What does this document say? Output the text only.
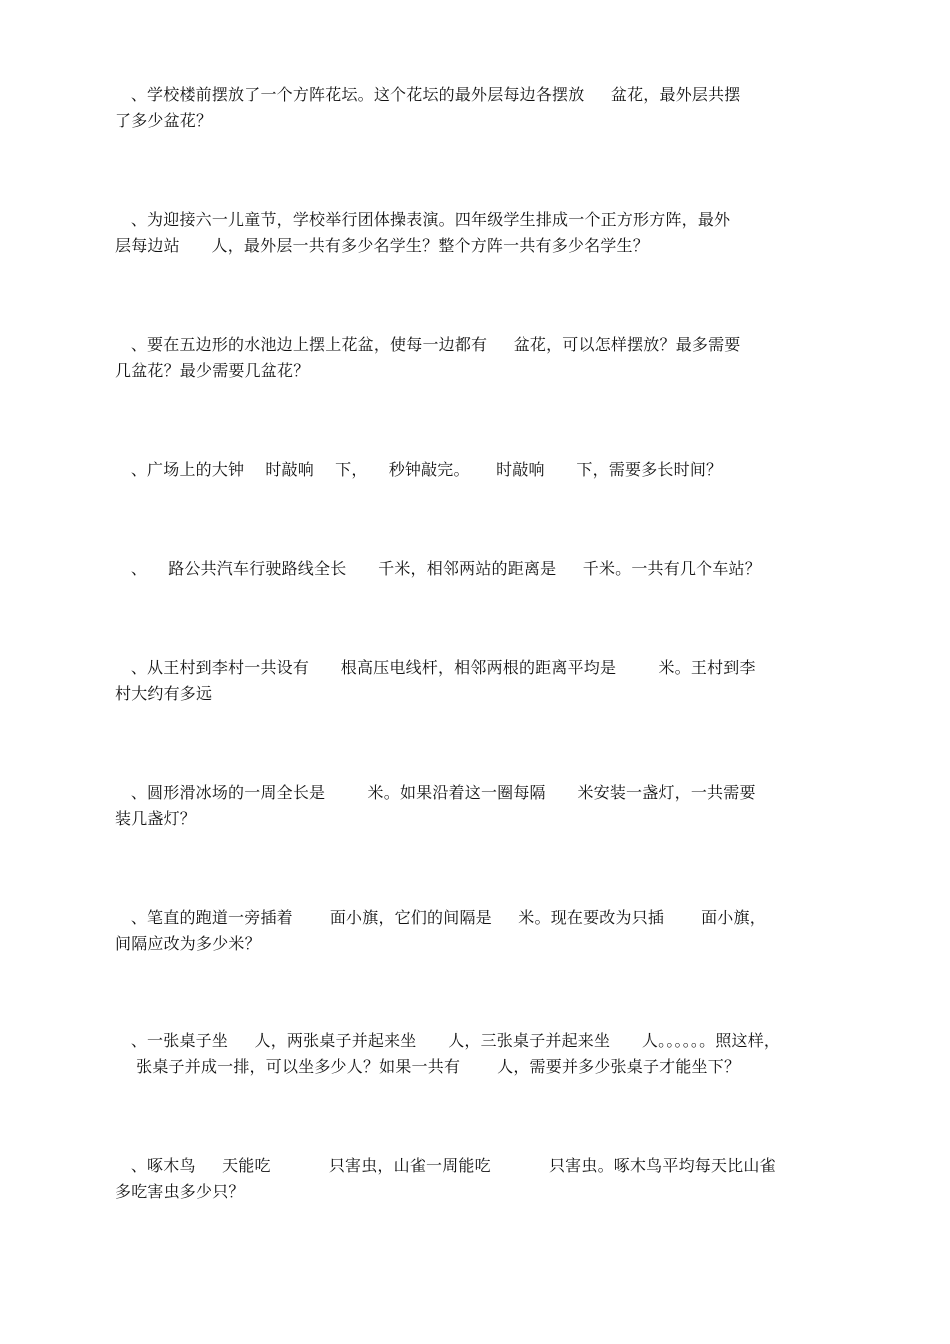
、学校楼前摆放了一个方阵花坛。这个花坛的最外层每边各摆放     盆花，最外层共摆
了多少盆花？

、为迎接六一儿童节，学校举行团体操表演。四年级学生排成一个正方形方阵，最外
层每边站      人，最外层一共有多少名学生？整个方阵一共有多少名学生？

、要在五边形的水池边上摆上花盆，使每一边都有     盆花，可以怎样摆放？最多需要
几盆花？最少需要几盆花？

、广场上的大钟    时敲响    下，    秒钟敲完。     时敲响      下，需要多长时间？

、    路公共汽车行驶路线全长      千米，相邻两站的距离是     千米。一共有几个车站？

、从王村到李村一共设有      根高压电线杆，相邻两根的距离平均是        米。王村到李
村大约有多远

、圆形滑冰场的一周全长是        米。如果沿着这一圈每隔      米安装一盏灯，一共需要
装几盏灯？

、笔直的跑道一旁插着       面小旗，它们的间隔是     米。现在要改为只插       面小旗，
间隔应改为多少米？

、一张桌子坐     人，两张桌子并起来坐      人，三张桌子并起来坐      人。。。。。。照这样，
张桌子并成一排，可以坐多少人？如果一共有       人，需要并多少张桌子才能坐下？

、啄木鸟     天能吃           只害虫，山雀一周能吃           只害虫。啄木鸟平均每天比山雀
多吃害虫多少只？
